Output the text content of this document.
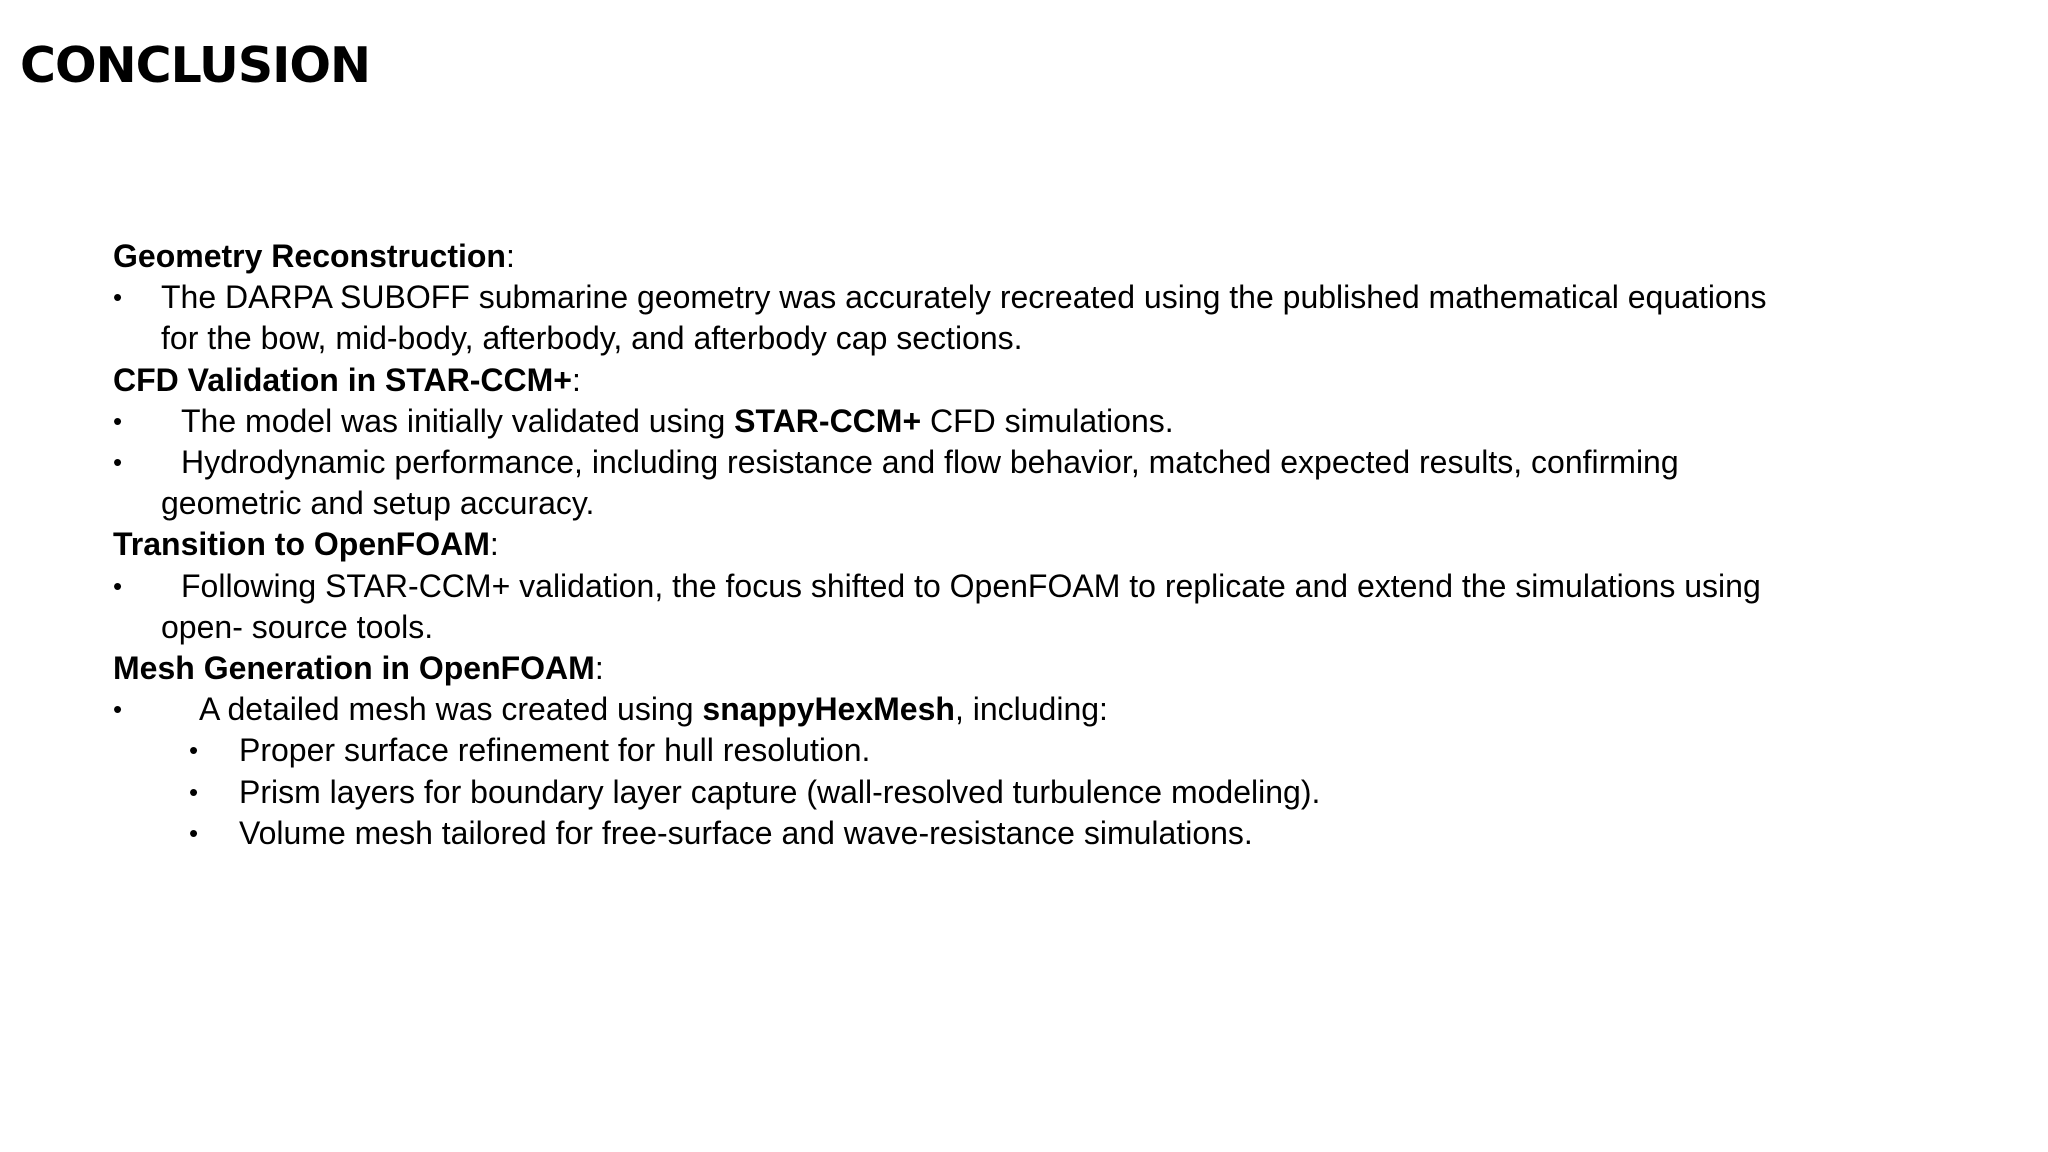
CONCLUSION
Geometry Reconstruction:
•	The DARPA SUBOFF submarine geometry was accurately recreated using the published mathematical equations
for the bow, mid-body, afterbody, and afterbody cap sections.
CFD Validation in STAR-CCM+:
•	The model was initially validated using STAR-CCM+ CFD simulations.
•	Hydrodynamic performance, including resistance and flow behavior, matched expected results, confirming
geometric and setup accuracy.
Transition to OpenFOAM:
•	Following STAR-CCM+ validation, the focus shifted to OpenFOAM to replicate and extend the simulations using
open- source tools.
Mesh Generation in OpenFOAM:
•	A detailed mesh was created using snappyHexMesh, including:
•	Proper surface refinement for hull resolution.
•	Prism layers for boundary layer capture (wall-resolved turbulence modeling).
•	Volume mesh tailored for free-surface and wave-resistance simulations.
